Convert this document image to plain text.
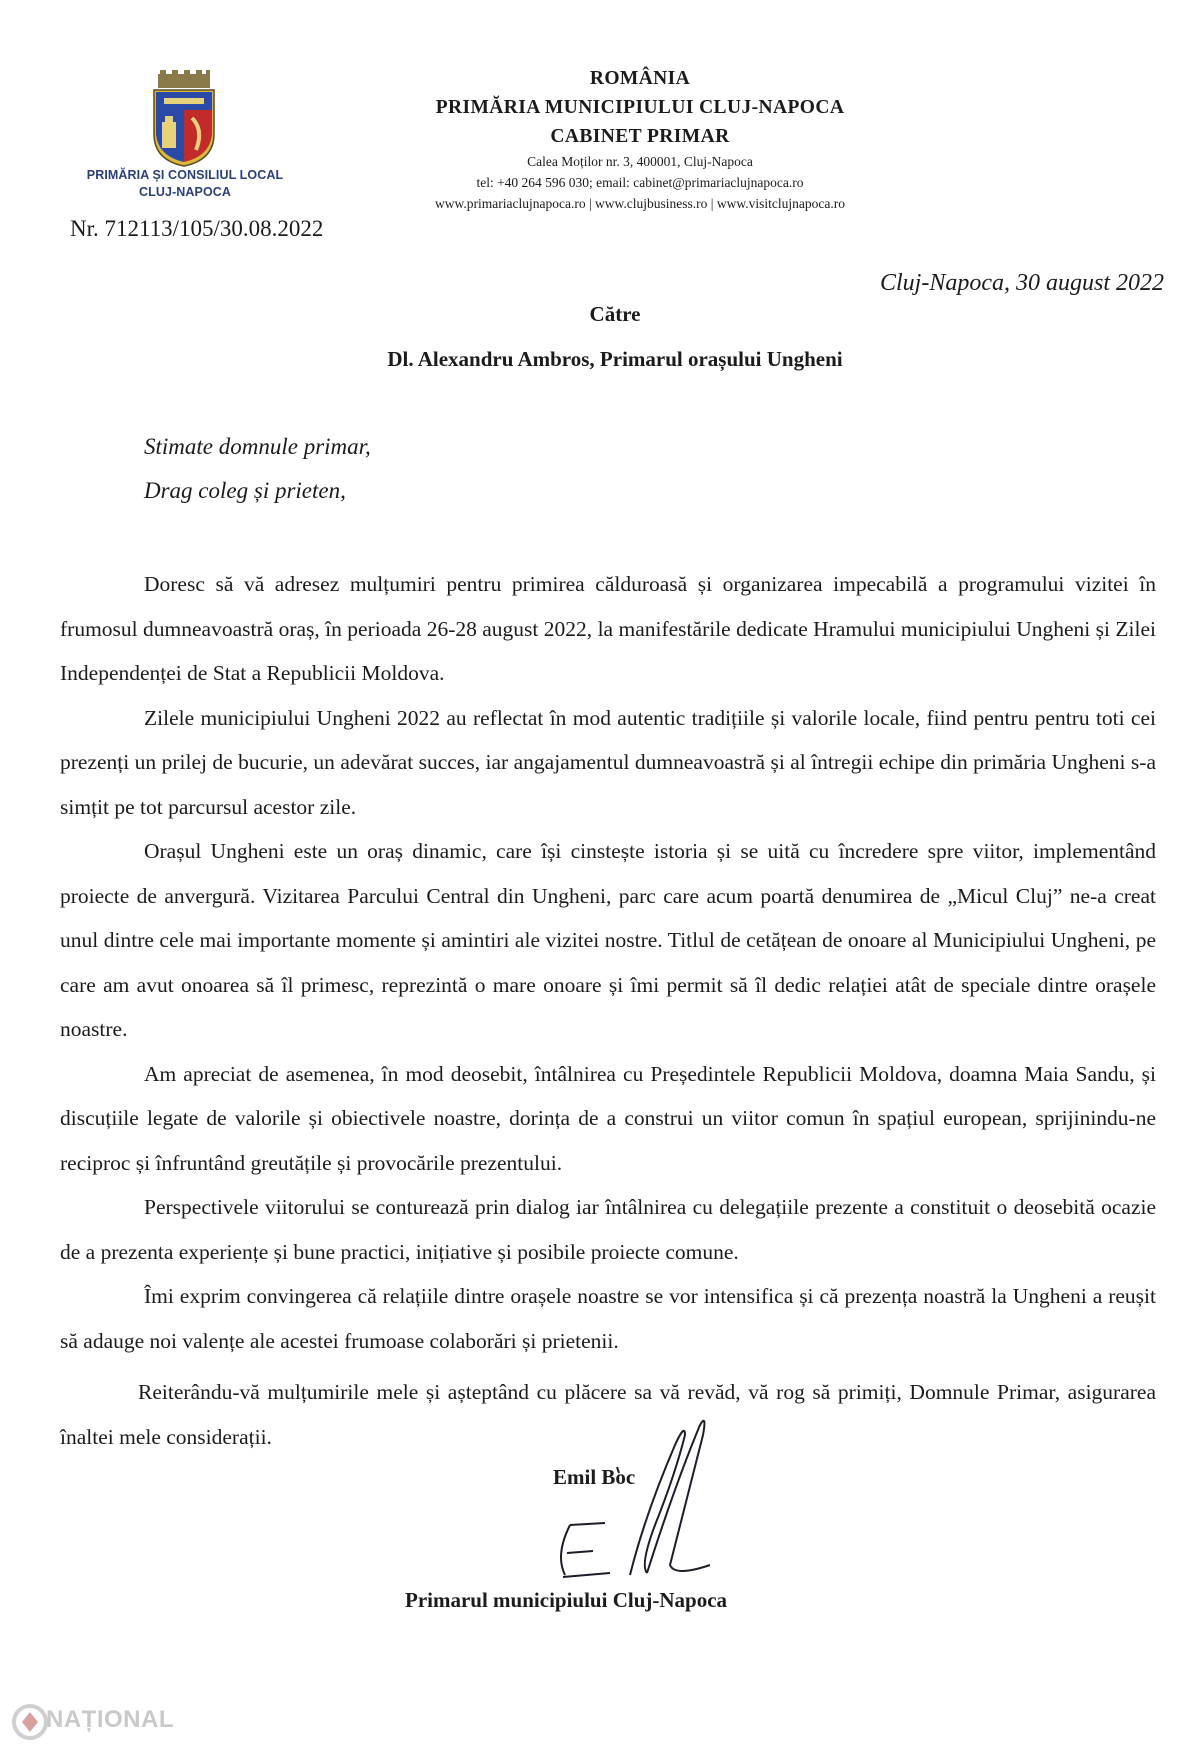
PRIMĂRIA ȘI CONSILIUL LOCAL
CLUJ-NAPOCA
Nr. 712113/105/30.08.2022
ROMÂNIA
PRIMĂRIA MUNICIPIULUI CLUJ-NAPOCA
CABINET PRIMAR
Calea Moților nr. 3, 400001, Cluj-Napoca
tel: +40 264 596 030; email: cabinet@primariaclujnapoca.ro
www.primariaclujnapoca.ro | www.clujbusiness.ro | www.visitclujnapoca.ro
Cluj-Napoca, 30 august 2022
Către
Dl. Alexandru Ambros, Primarul orașului Ungheni
Stimate domnule primar,
Drag coleg și prieten,

Doresc să vă adresez mulțumiri pentru primirea călduroasă și organizarea impecabilă a programului vizitei în frumosul dumneavoastră oraș, în perioada 26-28 august 2022, la manifestările dedicate Hramului municipiului Ungheni și Zilei Independenței de Stat a Republicii Moldova.

Zilele municipiului Ungheni 2022 au reflectat în mod autentic tradițiile și valorile locale, fiind pentru pentru toti cei prezenți un prilej de bucurie, un adevărat succes, iar angajamentul dumneavoastră și al întregii echipe din primăria Ungheni s-a simțit pe tot parcursul acestor zile.

Orașul Ungheni este un oraș dinamic, care își cinstește istoria și se uită cu încredere spre viitor, implementând proiecte de anvergură. Vizitarea Parcului Central din Ungheni, parc care acum poartă denumirea de „Micul Cluj” ne-a creat unul dintre cele mai importante momente și amintiri ale vizitei nostre. Titlul de cetățean de onoare al Municipiului Ungheni, pe care am avut onoarea să îl primesc, reprezintă o mare onoare și îmi permit să îl dedic relației atât de speciale dintre orașele noastre.

Am apreciat de asemenea, în mod deosebit, întâlnirea cu Președintele Republicii Moldova, doamna Maia Sandu, și discuțiile legate de valorile și obiectivele noastre, dorința de a construi un viitor comun în spațiul european, sprijinindu-ne reciproc și înfruntând greutățile și provocările prezentului.

Perspectivele viitorului se conturează prin dialog iar întâlnirea cu delegațiile prezente a constituit o deosebită ocazie de a prezenta experiențe și bune practici, inițiative și posibile proiecte comune.

Îmi exprim convingerea că relațiile dintre orașele noastre se vor intensifica și că prezența noastră la Ungheni a reușit să adauge noi valențe ale acestei frumoase colaborări și prietenii.

Reiterându-vă mulțumirile mele și așteptând cu plăcere sa vă revăd, vă rog să primiți, Domnule Primar, asigurarea înaltei mele considerații.
Emil Boc
Primarul municipiului Cluj-Napoca
NAȚIONAL
